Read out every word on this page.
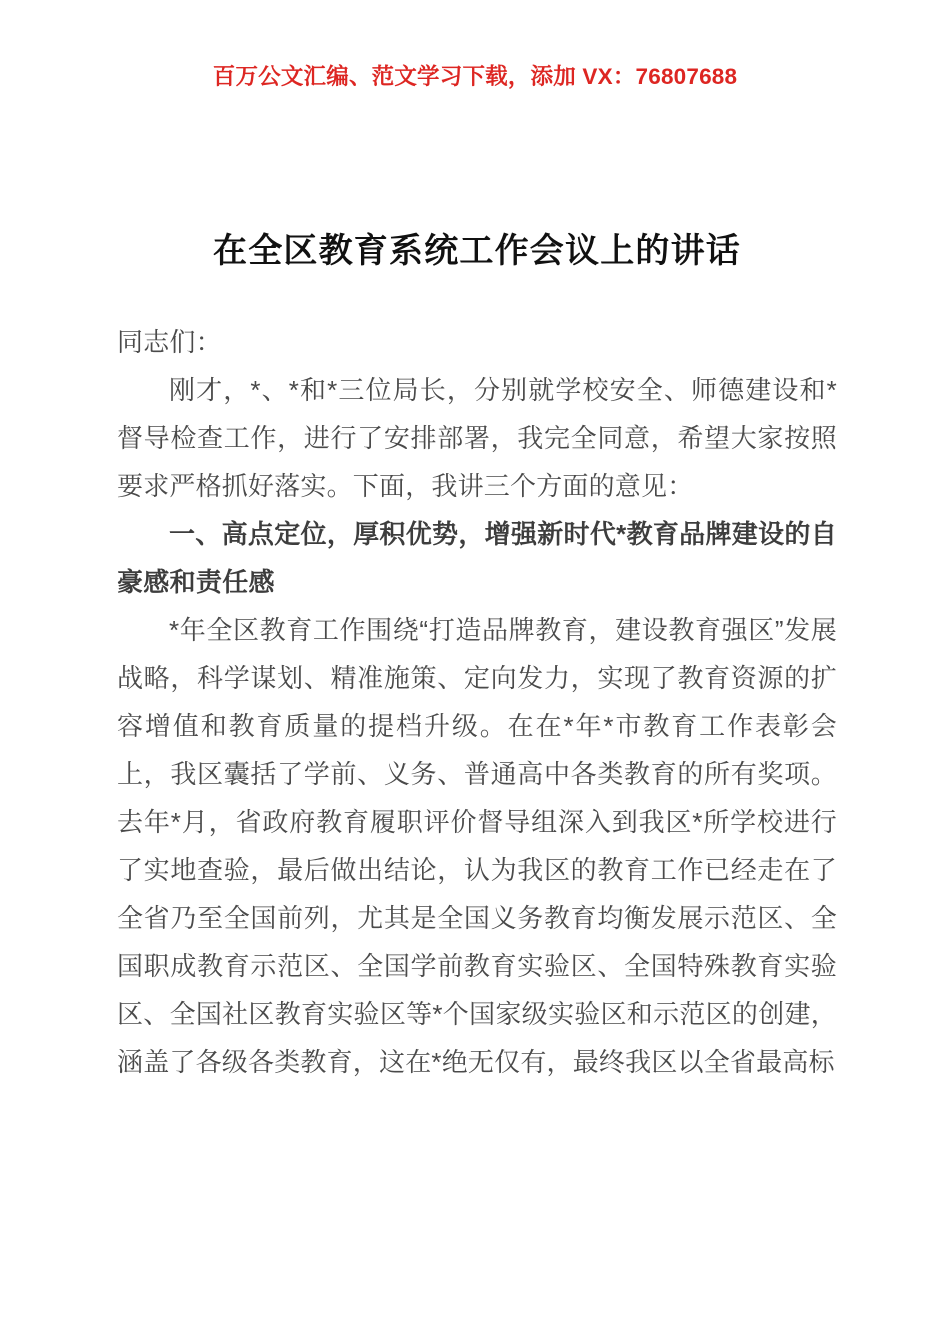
百万公文汇编、范文学习下载，添加 VX：76807688
在全区教育系统工作会议上的讲话

同志们：

刚才，*、*和*三位局长，分别就学校安全、师德建设和*督导检查工作，进行了安排部署，我完全同意，希望大家按照要求严格抓好落实。下面，我讲三个方面的意见：

一、高点定位，厚积优势，增强新时代*教育品牌建设的自豪感和责任感

*年全区教育工作围绕“打造品牌教育，建设教育强区”发展战略，科学谋划、精准施策、定向发力，实现了教育资源的扩容增值和教育质量的提档升级。在在*年*市教育工作表彰会上，我区囊括了学前、义务、普通高中各类教育的所有奖项。去年*月，省政府教育履职评价督导组深入到我区*所学校进行了实地查验，最后做出结论，认为我区的教育工作已经走在了全省乃至全国前列，尤其是全国义务教育均衡发展示范区、全国职成教育示范区、全国学前教育实验区、全国特殊教育实验区、全国社区教育实验区等*个国家级实验区和示范区的创建，涵盖了各级各类教育，这在*绝无仅有，最终我区以全省最高标
